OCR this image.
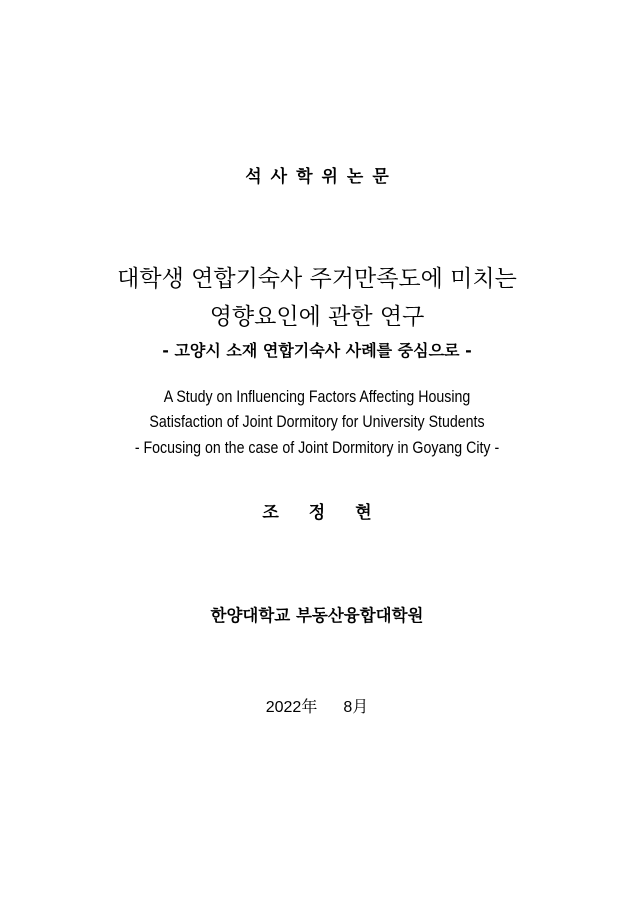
석사학위논문
대학생 연합기숙사 주거만족도에 미치는
영향요인에 관한 연구
- 고양시 소재 연합기숙사 사례를 중심으로 -
A Study on Influencing Factors Affecting Housing
Satisfaction of Joint Dormitory for University Students
- Focusing on the case of Joint Dormitory in Goyang City -
조정현
한양대학교 부동산융합대학원
2022年 8月
